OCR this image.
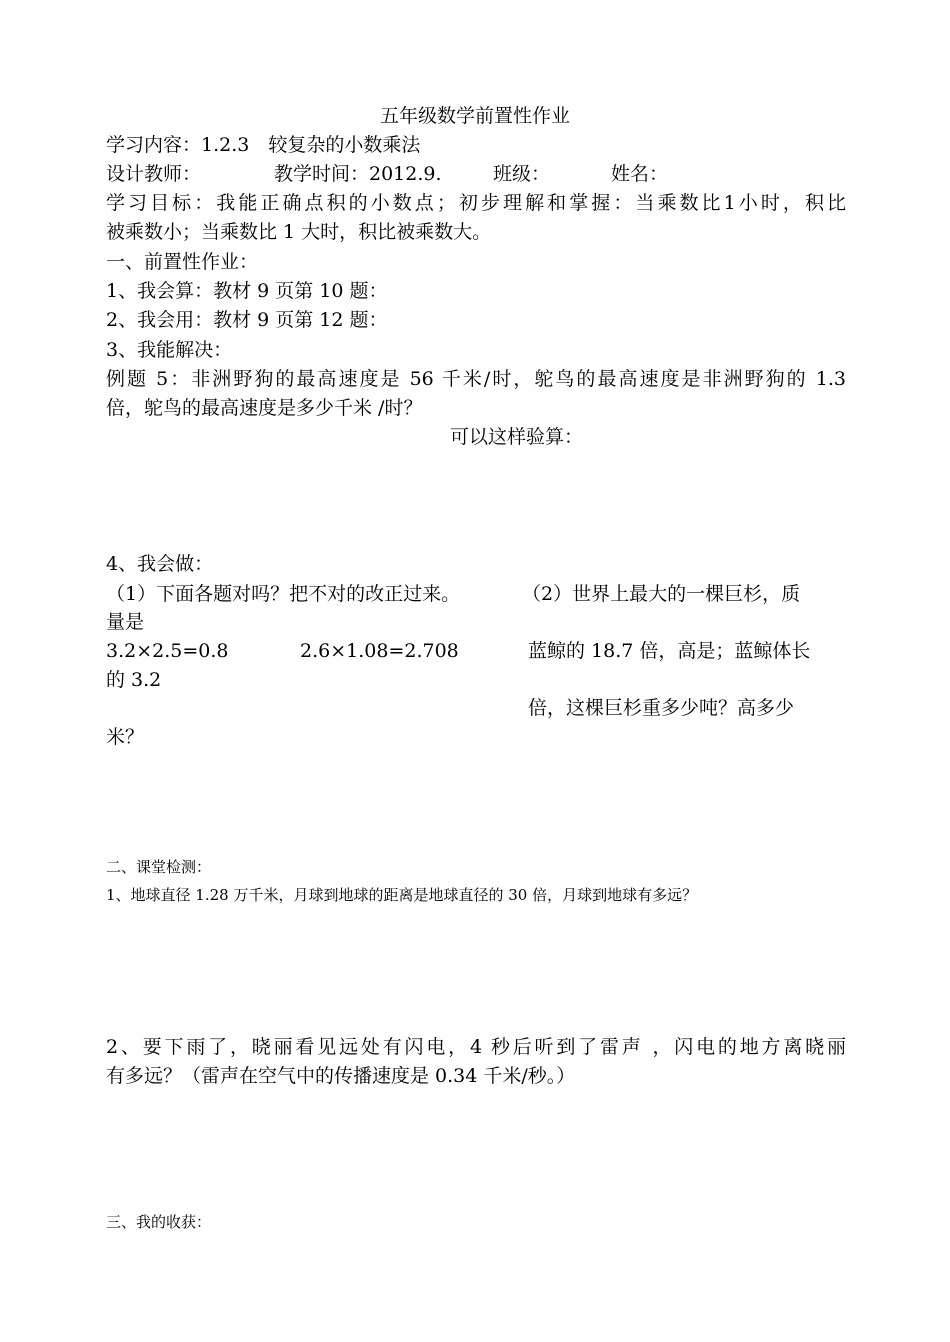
五年级数学前置性作业
学习内容：1.2.3　较复杂的小数乘法
设计教师：	教学时间：2012.9.	班级：	姓名：
学习目标：我能正确点积的小数点；初步理解和掌握：当乘数比1小时，积比
被乘数小；当乘数比 1 大时，积比被乘数大。
一、前置性作业：
1、我会算：教材 9 页第 10 题：
2、我会用：教材 9 页第 12 题：
3、我能解决：
例题 5：非洲野狗的最高速度是 56 千米/时，鸵鸟的最高速度是非洲野狗的 1.3
倍，鸵鸟的最高速度是多少千米 /时？
可以这样验算：
4、我会做：
（1）下面各题对吗？把不对的改正过来。	（2）世界上最大的一棵巨杉，质
量是
3.2×2.5=0.8	2.6×1.08=2.708	蓝鲸的 18.7 倍，高是；蓝鲸体长
的 3.2
倍，这棵巨杉重多少吨？高多少
米？
二、课堂检测：
1、地球直径 1.28 万千米，月球到地球的距离是地球直径的 30 倍，月球到地球有多远？
2、要下雨了，晓丽看见远处有闪电，4 秒后听到了雷声 ，闪电的地方离晓丽
有多远？（雷声在空气中的传播速度是 0.34 千米/秒。）
三、我的收获：
